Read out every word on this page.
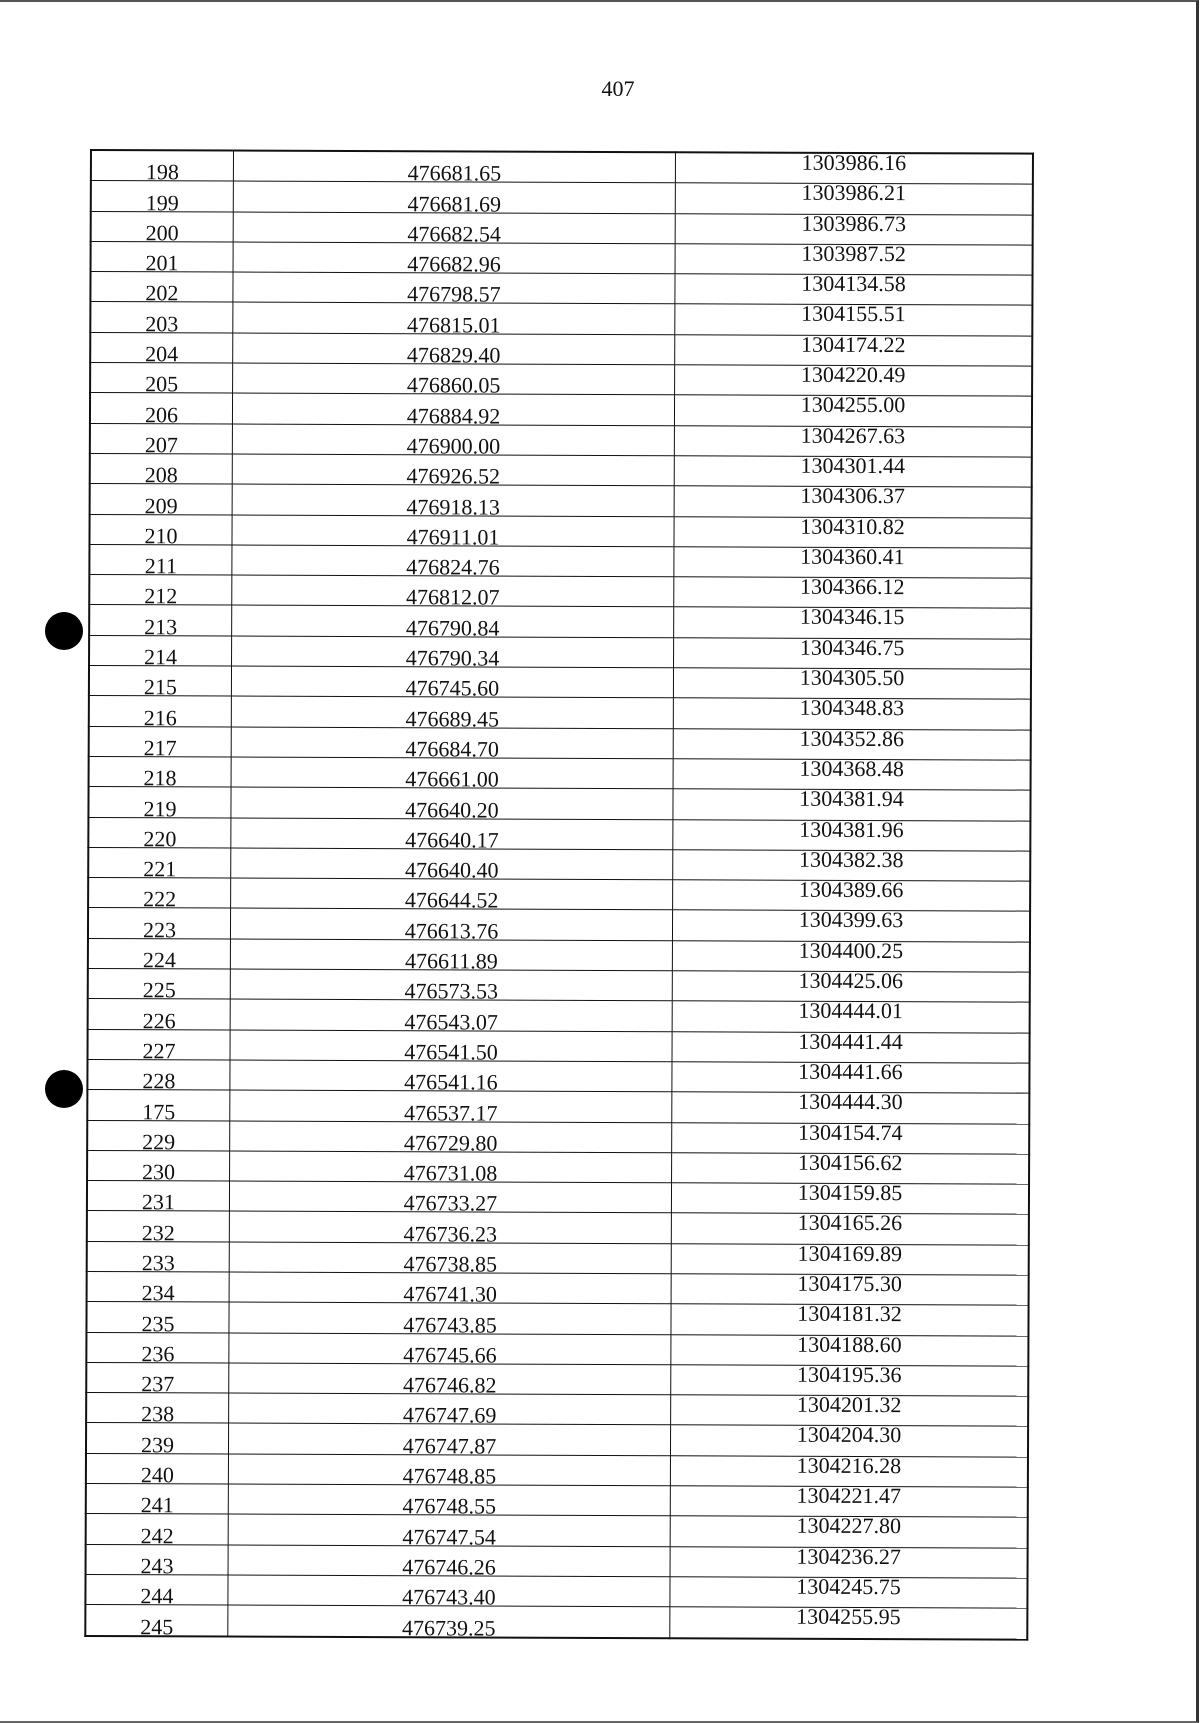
407
198	476681.65	1303986.16
199	476681.69	1303986.21
200	476682.54	1303986.73
201	476682.96	1303987.52
202	476798.57	1304134.58
203	476815.01	1304155.51
204	476829.40	1304174.22
205	476860.05	1304220.49
206	476884.92	1304255.00
207	476900.00	1304267.63
208	476926.52	1304301.44
209	476918.13	1304306.37
210	476911.01	1304310.82
211	476824.76	1304360.41
212	476812.07	1304366.12
213	476790.84	1304346.15
214	476790.34	1304346.75
215	476745.60	1304305.50
216	476689.45	1304348.83
217	476684.70	1304352.86
218	476661.00	1304368.48
219	476640.20	1304381.94
220	476640.17	1304381.96
221	476640.40	1304382.38
222	476644.52	1304389.66
223	476613.76	1304399.63
224	476611.89	1304400.25
225	476573.53	1304425.06
226	476543.07	1304444.01
227	476541.50	1304441.44
228	476541.16	1304441.66
175	476537.17	1304444.30
229	476729.80	1304154.74
230	476731.08	1304156.62
231	476733.27	1304159.85
232	476736.23	1304165.26
233	476738.85	1304169.89
234	476741.30	1304175.30
235	476743.85	1304181.32
236	476745.66	1304188.60
237	476746.82	1304195.36
238	476747.69	1304201.32
239	476747.87	1304204.30
240	476748.85	1304216.28
241	476748.55	1304221.47
242	476747.54	1304227.80
243	476746.26	1304236.27
244	476743.40	1304245.75
245	476739.25	1304255.95
